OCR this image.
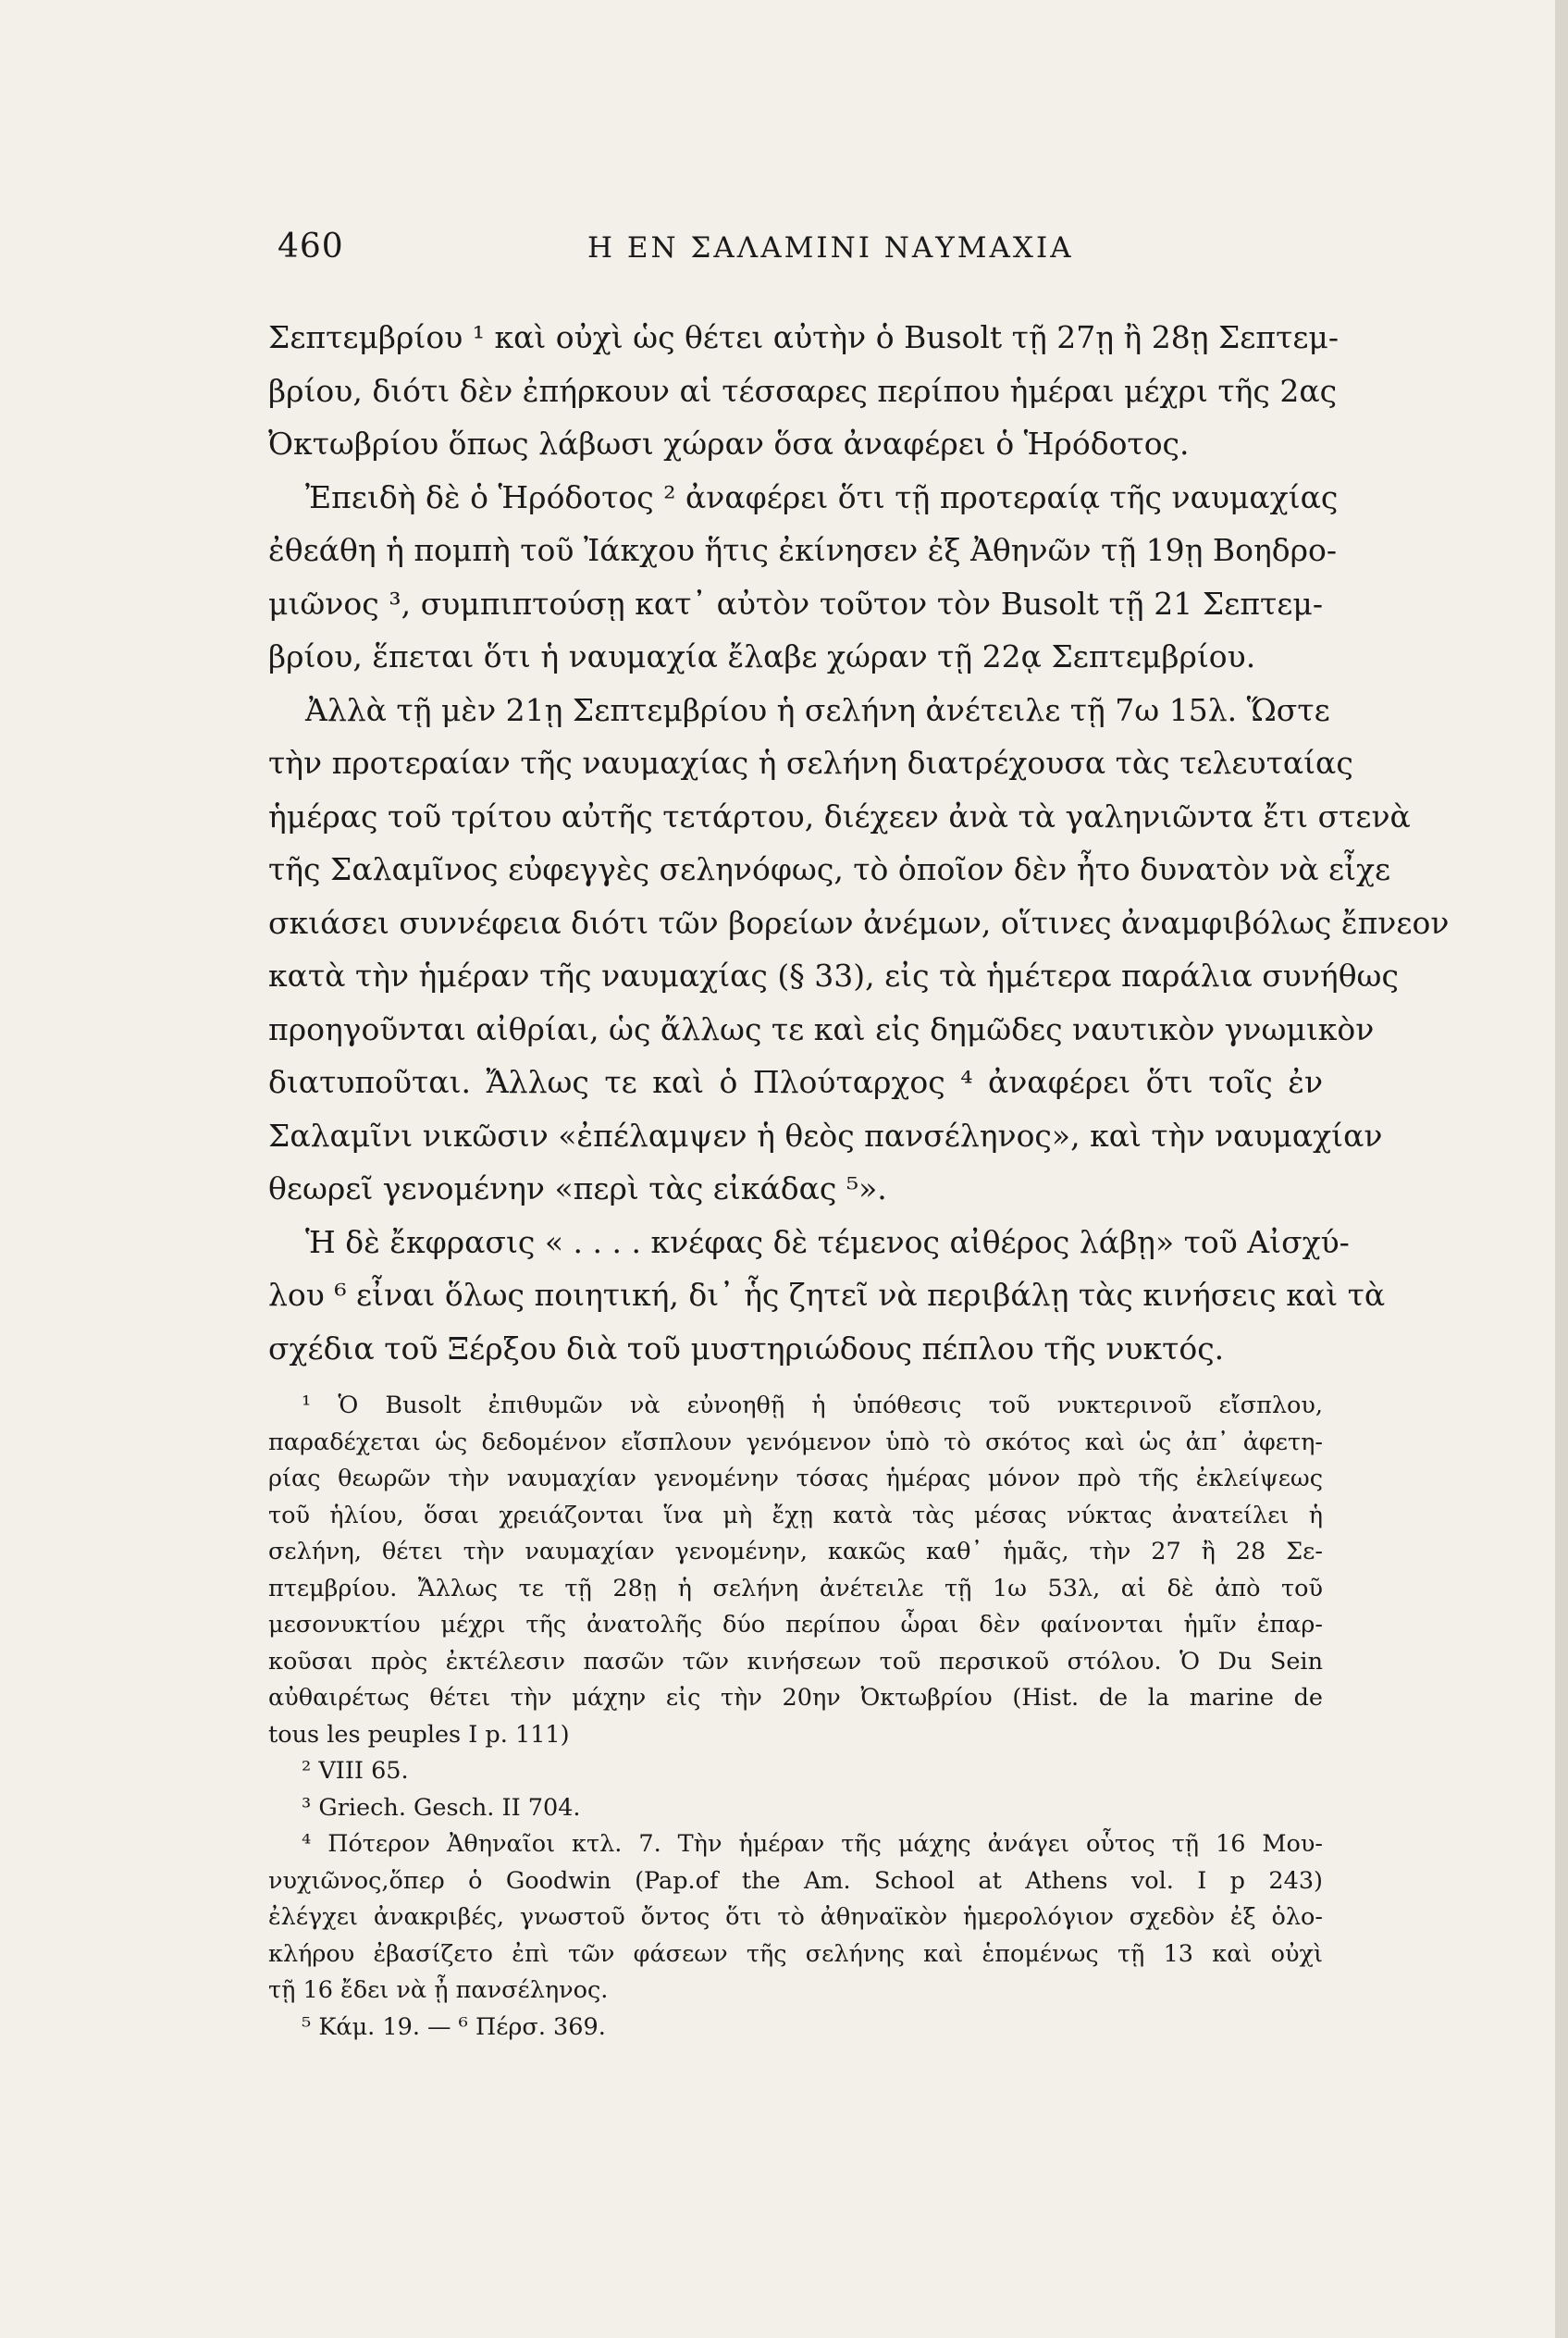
460	Η ΕΝ ΣΑΛΑΜΙΝΙ ΝΑΥΜΑΧΙΑ
Σεπτεμβρίου ¹ καὶ οὐχὶ ὡς θέτει αὐτὴν ὁ Busolt τῇ 27ῃ ἢ 28ῃ Σεπτεμ-
βρίου, διότι δὲν ἐπήρκουν αἱ τέσσαρες περίπου ἡμέραι μέχρι τῆς 2ας
Ὀκτωβρίου ὅπως λάβωσι χώραν ὅσα ἀναφέρει ὁ Ἡρόδοτος.
Ἐπειδὴ δὲ ὁ Ἡρόδοτος ² ἀναφέρει ὅτι τῇ προτεραίᾳ τῆς ναυμαχίας
ἐθεάθη ἡ πομπὴ τοῦ Ἰάκχου ἥτις ἐκίνησεν ἐξ Ἀθηνῶν τῇ 19ῃ Βοηδρο-
μιῶνος ³, συμπιπτούσῃ κατ᾽ αὐτὸν τοῦτον τὸν Busolt τῇ 21 Σεπτεμ-
βρίου, ἕπεται ὅτι ἡ ναυμαχία ἔλαβε χώραν τῇ 22ᾳ Σεπτεμβρίου.
Ἀλλὰ τῇ μὲν 21ῃ Σεπτεμβρίου ἡ σελήνη ἀνέτειλε τῇ 7ω 15λ. Ὥστε
τὴν προτεραίαν τῆς ναυμαχίας ἡ σελήνη διατρέχουσα τὰς τελευταίας
ἡμέρας τοῦ τρίτου αὐτῆς τετάρτου, διέχεεν ἀνὰ τὰ γαληνιῶντα ἔτι στενὰ
τῆς Σαλαμῖνος εὐφεγγὲς σεληνόφως, τὸ ὁποῖον δὲν ἦτο δυνατὸν νὰ εἶχε
σκιάσει συννέφεια διότι τῶν βορείων ἀνέμων, οἵτινες ἀναμφιβόλως ἔπνεον
κατὰ τὴν ἡμέραν τῆς ναυμαχίας (§ 33), εἰς τὰ ἡμέτερα παράλια συνήθως
προηγοῦνται αἰθρίαι, ὡς ἄλλως τε καὶ εἰς δημῶδες ναυτικὸν γνωμικὸν
διατυποῦται. Ἄλλως τε καὶ ὁ Πλούταρχος ⁴ ἀναφέρει ὅτι τοῖς ἐν
Σαλαμῖνι νικῶσιν «ἐπέλαμψεν ἡ θεὸς πανσέληνος», καὶ τὴν ναυμαχίαν
θεωρεῖ γενομένην «περὶ τὰς εἰκάδας ⁵».
Ἡ δὲ ἔκφρασις « . . . . κνέφας δὲ τέμενος αἰθέρος λάβῃ» τοῦ Αἰσχύ-
λου ⁶ εἶναι ὅλως ποιητική, δι᾽ ἧς ζητεῖ νὰ περιβάλῃ τὰς κινήσεις καὶ τὰ
σχέδια τοῦ Ξέρξου διὰ τοῦ μυστηριώδους πέπλου τῆς νυκτός.
¹ Ὁ Busolt ἐπιθυμῶν νὰ εὐνοηθῇ ἡ ὑπόθεσις τοῦ νυκτερινοῦ εἴσπλου,
παραδέχεται ὡς δεδομένον εἴσπλουν γενόμενον ὑπὸ τὸ σκότος καὶ ὡς ἀπ᾽ ἀφετη-
ρίας θεωρῶν τὴν ναυμαχίαν γενομένην τόσας ἡμέρας μόνον πρὸ τῆς ἐκλείψεως
τοῦ ἡλίου, ὅσαι χρειάζονται ἵνα μὴ ἔχῃ κατὰ τὰς μέσας νύκτας ἀνατείλει ἡ
σελήνη, θέτει τὴν ναυμαχίαν γενομένην, κακῶς καθ᾽ ἡμᾶς, τὴν 27 ἢ 28 Σε-
πτεμβρίου. Ἄλλως τε τῇ 28ῃ ἡ σελήνη ἀνέτειλε τῇ 1ω 53λ, αἱ δὲ ἀπὸ τοῦ
μεσονυκτίου μέχρι τῆς ἀνατολῆς δύο περίπου ὧραι δὲν φαίνονται ἡμῖν ἐπαρ-
κοῦσαι πρὸς ἐκτέλεσιν πασῶν τῶν κινήσεων τοῦ περσικοῦ στόλου. Ὁ Du Sein
αὐθαιρέτως θέτει τὴν μάχην εἰς τὴν 20ην Ὀκτωβρίου (Hist. de la marine de
tous les peuples I p. 111)
² VIII 65.
³ Griech. Gesch. II 704.
⁴ Πότερον Ἀθηναῖοι κτλ. 7. Τὴν ἡμέραν τῆς μάχης ἀνάγει οὗτος τῇ 16 Μου-
νυχιῶνος,ὅπερ ὁ Goodwin (Pap.of the Am. School at Athens vol. I p 243)
ἐλέγχει ἀνακριβές, γνωστοῦ ὄντος ὅτι τὸ ἀθηναϊκὸν ἡμερολόγιον σχεδὸν ἐξ ὁλο-
κλήρου ἐβασίζετο ἐπὶ τῶν φάσεων τῆς σελήνης καὶ ἑπομένως τῇ 13 καὶ οὐχὶ
τῇ 16 ἔδει νὰ ᾖ πανσέληνος.
⁵ Κάμ. 19. — ⁶ Πέρσ. 369.
